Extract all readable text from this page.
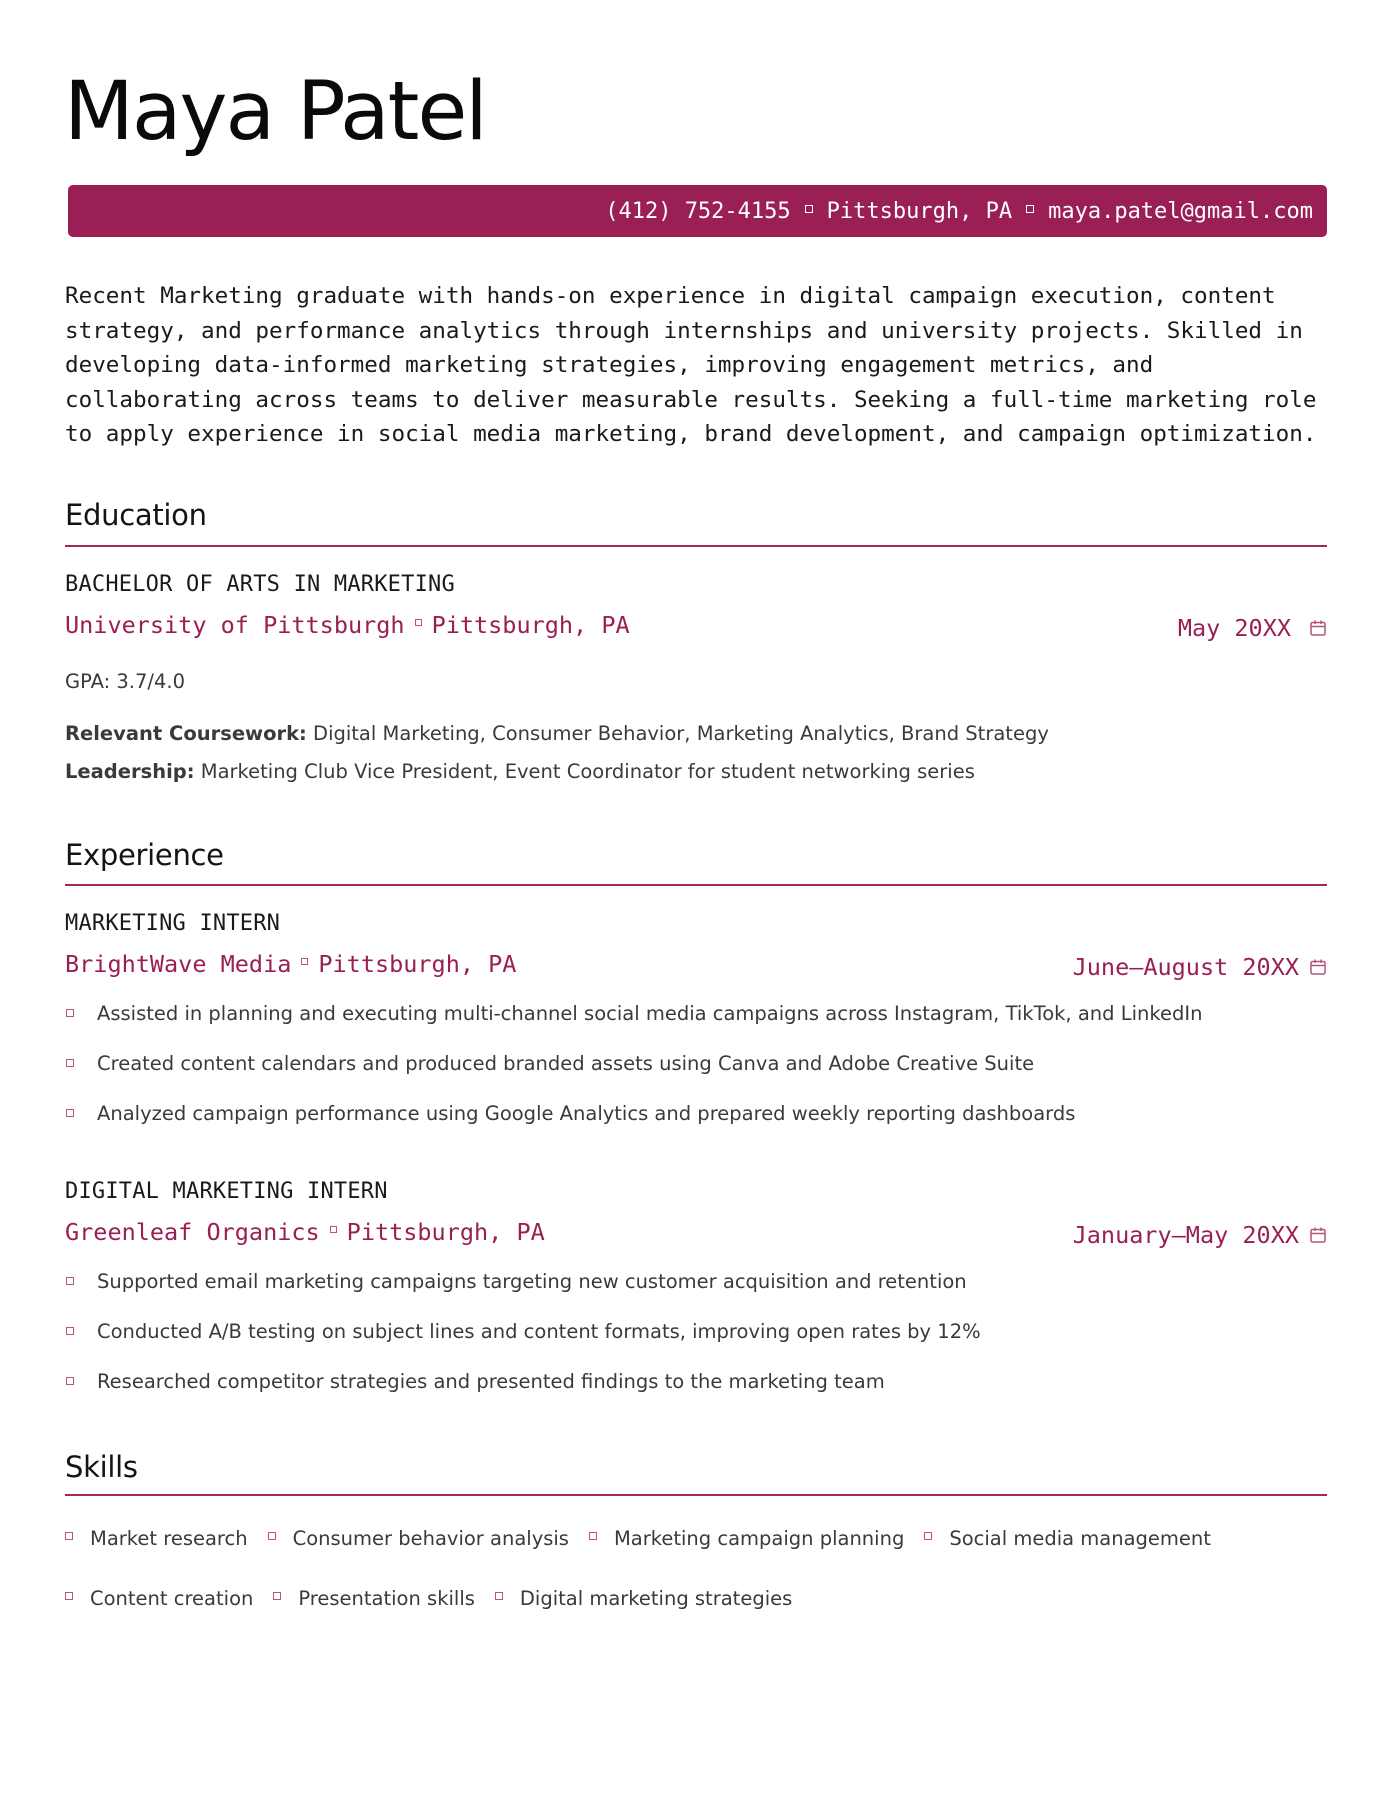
Maya Patel
(412) 752-4155 Pittsburgh, PA maya.patel@gmail.com

Recent Marketing graduate with hands-on experience in digital campaign execution, content
strategy, and performance analytics through internships and university projects. Skilled in
developing data-informed marketing strategies, improving engagement metrics, and
collaborating across teams to deliver measurable results. Seeking a full-time marketing role
to apply experience in social media marketing, brand development, and campaign optimization.

Education
BACHELOR OF ARTS IN MARKETING
University of Pittsburgh Pittsburgh, PA	May 20XX
GPA: 3.7/4.0
Relevant Coursework: Digital Marketing, Consumer Behavior, Marketing Analytics, Brand Strategy
Leadership: Marketing Club Vice President, Event Coordinator for student networking series
Experience
MARKETING INTERN
BrightWave Media Pittsburgh, PA	June–August 20XX
Assisted in planning and executing multi-channel social media campaigns across Instagram, TikTok, and LinkedIn
Created content calendars and produced branded assets using Canva and Adobe Creative Suite
Analyzed campaign performance using Google Analytics and prepared weekly reporting dashboards
DIGITAL MARKETING INTERN
Greenleaf Organics Pittsburgh, PA	January–May 20XX
Supported email marketing campaigns targeting new customer acquisition and retention
Conducted A/B testing on subject lines and content formats, improving open rates by 12%
Researched competitor strategies and presented findings to the marketing team
Skills
Market research Consumer behavior analysis Marketing campaign planning Social media management
Content creation Presentation skills Digital marketing strategies
